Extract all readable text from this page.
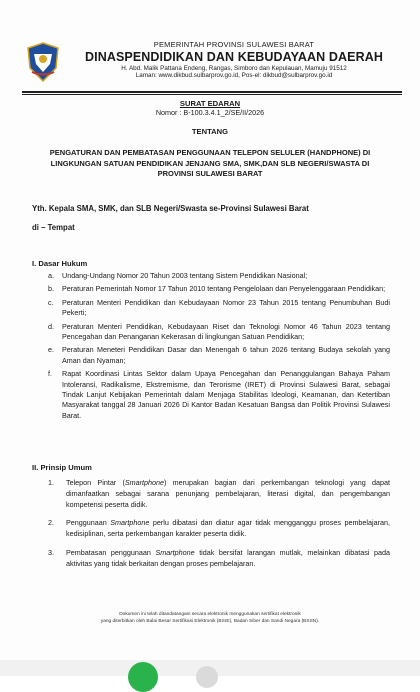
PEMERINTAH PROVINSI SULAWESI BARAT
DINASPENDIDIKAN DAN KEBUDAYAAN DAERAH
H. Abd. Malik Pattana Endeng, Rangas, Simboro dan Kepulauan, Mamuju 91512
Laman: www.dikbud.sulbarprov.go.id, Pos-el: dikbud@sulbarprov.go.id
SURAT EDARAN
Nomor : B-100.3.4.1_2/SE/II/2026
TENTANG
PENGATURAN DAN PEMBATASAN PENGGUNAAN TELEPON SELULER (HANDPHONE) DI LINGKUNGAN SATUAN PENDIDIKAN JENJANG SMA, SMK,DAN SLB NEGERI/SWASTA DI PROVINSI SULAWESI BARAT
Yth. Kepala SMA, SMK, dan SLB Negeri/Swasta se-Provinsi Sulawesi Barat
di – Tempat
I. Dasar Hukum
a. Undang-Undang Nomor 20 Tahun 2003 tentang Sistem Pendidikan Nasional;
b. Peraturan Pemerintah Nomor 17 Tahun 2010 tentang Pengelolaan dan Penyelenggaraan Pendidikan;
c. Peraturan Menteri Pendidikan dan Kebudayaan Nomor 23 Tahun 2015 tentang Penumbuhan Budi Pekerti;
d. Peraturan Menteri Pendidikan, Kebudayaan Riset dan Teknologi Nomor 46 Tahun 2023 tentang Pencegahan dan Penanganan Kekerasan di lingkungan Satuan Pendidikan;
e. Peraturan Meneteri Pendidikan Dasar dan Menengah 6 tahun 2026 tentang Budaya sekolah yang Aman dan Nyaman;
f. Rapat Koordinasi Lintas Sektor dalam Upaya Pencegahan dan Penanggulangan Bahaya Paham Intoleransi, Radikalisme, Ekstremisme, dan Terorisme (IRET) di Provinsi Sulawesi Barat, sebagai Tindak Lanjut Kebijakan Pemerintah dalam Menjaga Stabilitas Ideologi, Keamanan, dan Ketertiban Masyarakat tanggal 28 Januari 2026 Di Kantor Badan Kesatuan Bangsa dan Politik Provinsi Sulawesi Barat.
II. Prinsip Umum
1. Telepon Pintar (Smartphone) merupakan bagian dari perkembangan teknologi yang dapat dimanfaatkan sebagai sarana penunjang pembelajaran, literasi digital, dan pengembangan kompetensi peserta didik.
2. Penggunaan Smartphone perlu dibatasi dan diatur agar tidak mengganggu proses pembelajaran, kedisiplinan, serta perkembangan karakter peserta didik.
3. Pembatasan penggunaan Smartphone tidak bersifat larangan mutlak, melainkan dibatasi pada aktivitas yang tidak berkaitan dengan proses pembelajaran.
Dokumen ini telah ditandatangani secara elektronik menggunakan sertifikat elektronik
yang diterbitkan oleh Balai Besar Sertifikasi Elektronik (BSrE), Badan Siber dan Sandi Negara (BSSN).
